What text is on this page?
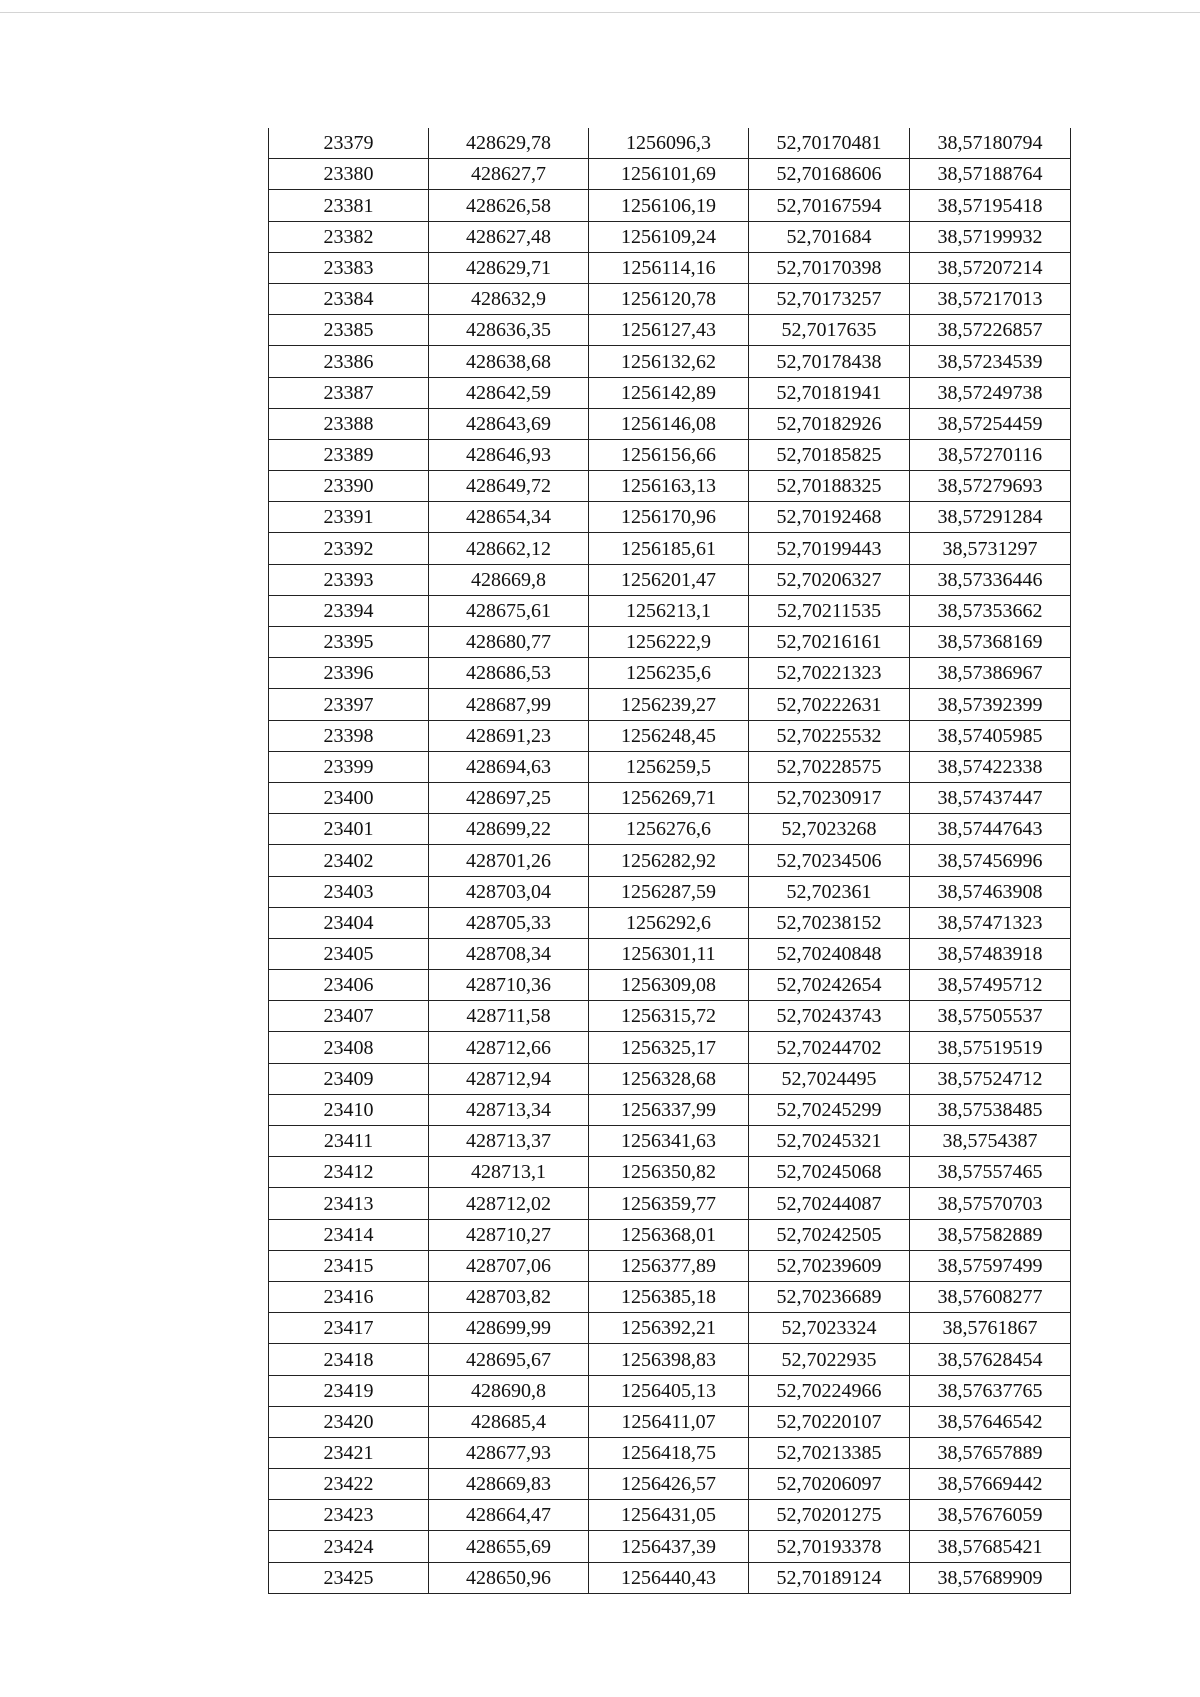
23379	428629,78	1256096,3	52,70170481	38,57180794
23380	428627,7	1256101,69	52,70168606	38,57188764
23381	428626,58	1256106,19	52,70167594	38,57195418
23382	428627,48	1256109,24	52,701684	38,57199932
23383	428629,71	1256114,16	52,70170398	38,57207214
23384	428632,9	1256120,78	52,70173257	38,57217013
23385	428636,35	1256127,43	52,7017635	38,57226857
23386	428638,68	1256132,62	52,70178438	38,57234539
23387	428642,59	1256142,89	52,70181941	38,57249738
23388	428643,69	1256146,08	52,70182926	38,57254459
23389	428646,93	1256156,66	52,70185825	38,57270116
23390	428649,72	1256163,13	52,70188325	38,57279693
23391	428654,34	1256170,96	52,70192468	38,57291284
23392	428662,12	1256185,61	52,70199443	38,5731297
23393	428669,8	1256201,47	52,70206327	38,57336446
23394	428675,61	1256213,1	52,70211535	38,57353662
23395	428680,77	1256222,9	52,70216161	38,57368169
23396	428686,53	1256235,6	52,70221323	38,57386967
23397	428687,99	1256239,27	52,70222631	38,57392399
23398	428691,23	1256248,45	52,70225532	38,57405985
23399	428694,63	1256259,5	52,70228575	38,57422338
23400	428697,25	1256269,71	52,70230917	38,57437447
23401	428699,22	1256276,6	52,7023268	38,57447643
23402	428701,26	1256282,92	52,70234506	38,57456996
23403	428703,04	1256287,59	52,702361	38,57463908
23404	428705,33	1256292,6	52,70238152	38,57471323
23405	428708,34	1256301,11	52,70240848	38,57483918
23406	428710,36	1256309,08	52,70242654	38,57495712
23407	428711,58	1256315,72	52,70243743	38,57505537
23408	428712,66	1256325,17	52,70244702	38,57519519
23409	428712,94	1256328,68	52,7024495	38,57524712
23410	428713,34	1256337,99	52,70245299	38,57538485
23411	428713,37	1256341,63	52,70245321	38,5754387
23412	428713,1	1256350,82	52,70245068	38,57557465
23413	428712,02	1256359,77	52,70244087	38,57570703
23414	428710,27	1256368,01	52,70242505	38,57582889
23415	428707,06	1256377,89	52,70239609	38,57597499
23416	428703,82	1256385,18	52,70236689	38,57608277
23417	428699,99	1256392,21	52,7023324	38,5761867
23418	428695,67	1256398,83	52,7022935	38,57628454
23419	428690,8	1256405,13	52,70224966	38,57637765
23420	428685,4	1256411,07	52,70220107	38,57646542
23421	428677,93	1256418,75	52,70213385	38,57657889
23422	428669,83	1256426,57	52,70206097	38,57669442
23423	428664,47	1256431,05	52,70201275	38,57676059
23424	428655,69	1256437,39	52,70193378	38,57685421
23425	428650,96	1256440,43	52,70189124	38,57689909
